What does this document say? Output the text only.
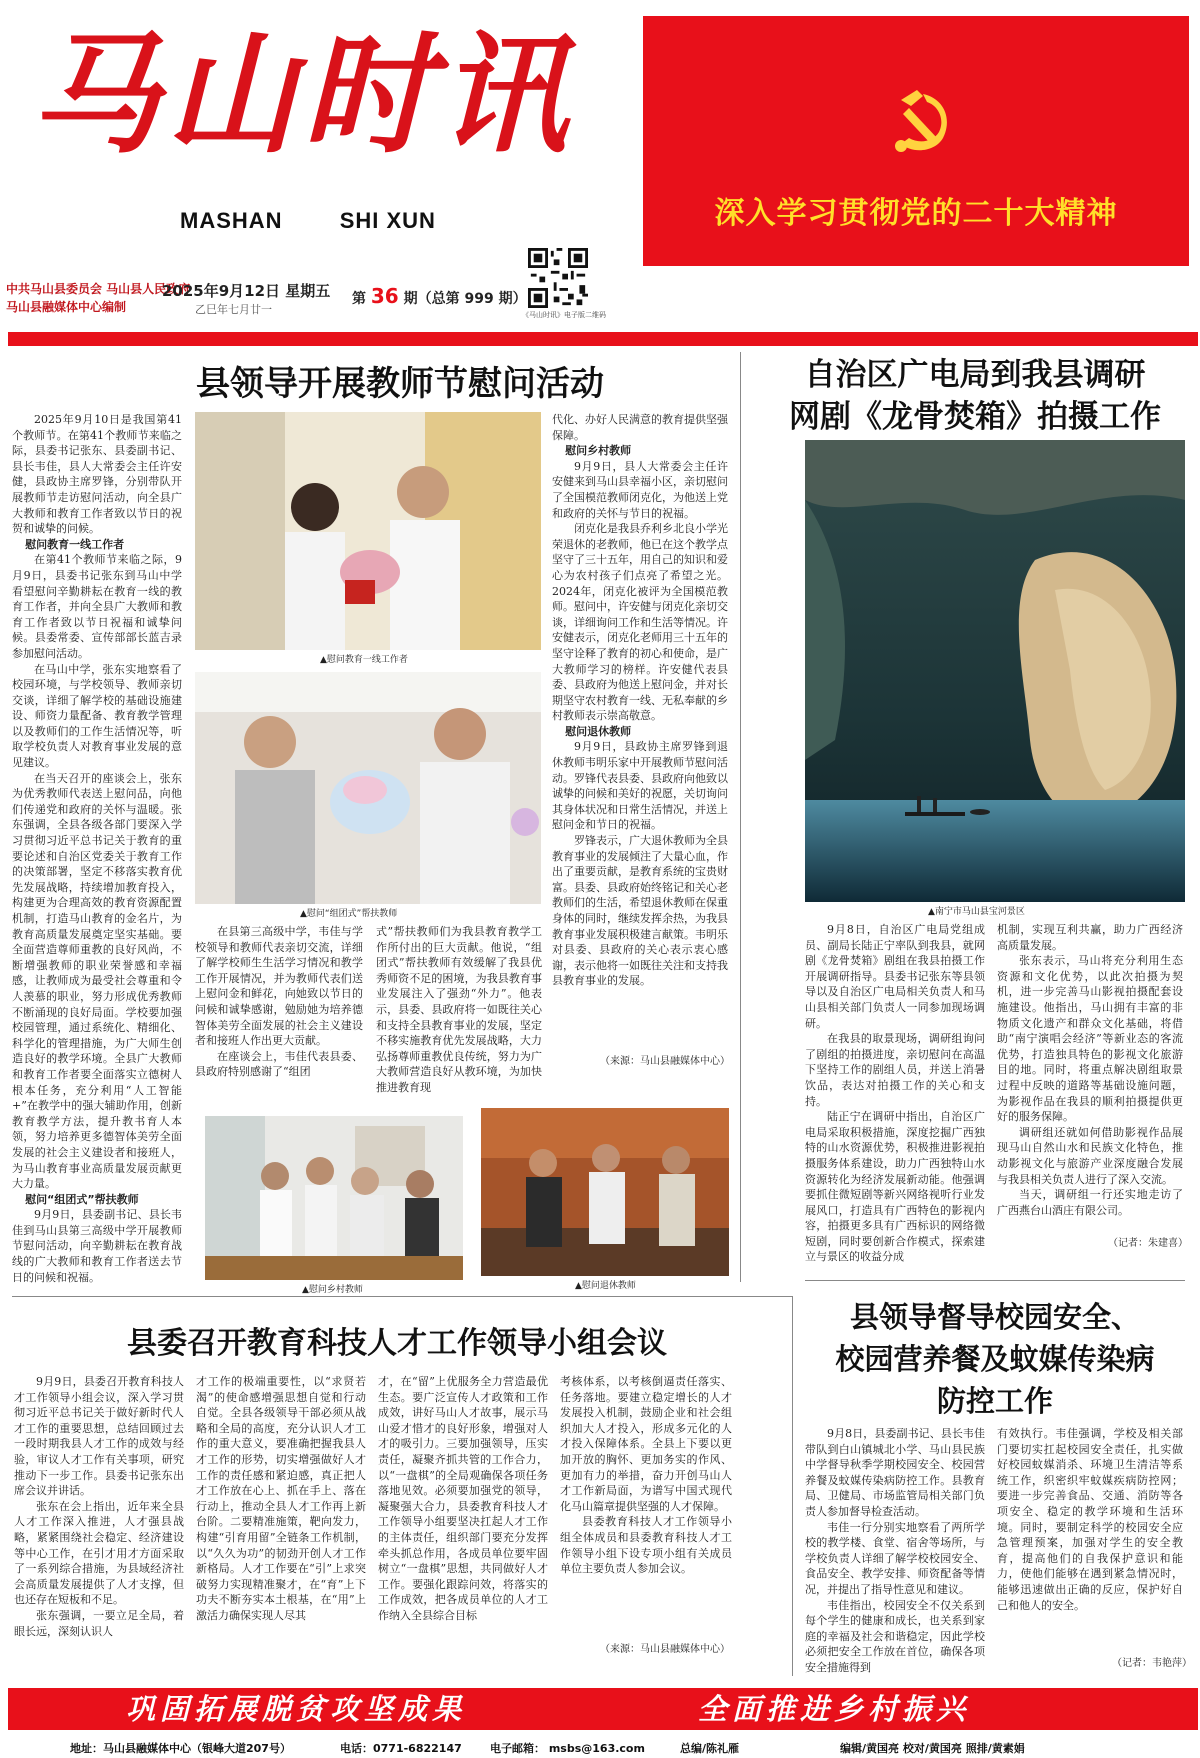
马山时讯
MASHAN	SHI XUN	深入学习贯彻党的二十大精神
中共马山县委员会 马山县人民政府
马山县融媒体中心编制
2025年9月12日 星期五
乙巳年七月廿一
第 36 期（总第 999 期）
《马山时讯》电子版二维码
县领导开展教师节慰问活动

2025年9月10日是我国第41个教师节。在第41个教师节来临之际，县委书记张东、县委副书记、县长韦佳，县人大常委会主任许安健，县政协主席罗锋，分别带队开展教师节走访慰问活动，向全县广大教师和教育工作者致以节日的祝贺和诚挚的问候。

慰问教育一线工作者

在第41个教师节来临之际，9月9日，县委书记张东到马山中学看望慰问辛勤耕耘在教育一线的教育工作者，并向全县广大教师和教育工作者致以节日祝福和诚挚问候。县委常委、宣传部部长蓝吉录参加慰问活动。

在马山中学，张东实地察看了校园环境，与学校领导、教师亲切交谈，详细了解学校的基础设施建设、师资力量配备、教育教学管理以及教师们的工作生活情况等，听取学校负责人对教育事业发展的意见建议。

在当天召开的座谈会上，张东为优秀教师代表送上慰问品，向他们传递党和政府的关怀与温暖。张东强调，全县各级各部门要深入学习贯彻习近平总书记关于教育的重要论述和自治区党委关于教育工作的决策部署，坚定不移落实教育优先发展战略，持续增加教育投入，构建更为合理高效的教育资源配置机制，打造马山教育的金名片，为教育高质量发展奠定坚实基础。要全面营造尊师重教的良好风尚，不断增强教师的职业荣誉感和幸福感，让教师成为最受社会尊重和令人羡慕的职业，努力形成优秀教师不断涌现的良好局面。学校要加强校园管理，通过系统化、精细化、科学化的管理措施，为广大师生创造良好的教学环境。全县广大教师和教育工作者要全面落实立德树人根本任务，充分利用“人工智能+”在教学中的强大辅助作用，创新教育教学方法，提升教书育人本领，努力培养更多德智体美劳全面发展的社会主义建设者和接班人，为马山教育事业高质量发展贡献更大力量。

慰问“组团式”帮扶教师

9月9日，县委副书记、县长韦佳到马山县第三高级中学开展教师节慰问活动，向辛勤耕耘在教育战线的广大教师和教育工作者送去节日的问候和祝福。

▲慰问教育一线工作者
▲慰问“组团式”帮扶教师

在县第三高级中学，韦佳与学校领导和教师代表亲切交流，详细了解学校师生生活学习情况和教学工作开展情况，并为教师代表们送上慰问金和鲜花，向她致以节日的问候和诚挚感谢，勉励她为培养德智体美劳全面发展的社会主义建设者和接班人作出更大贡献。

在座谈会上，韦佳代表县委、县政府特别感谢了“组团

式”帮扶教师们为我县教育教学工作所付出的巨大贡献。他说，“组团式”帮扶教师有效缓解了我县优秀师资不足的困境，为我县教育事业发展注入了强劲“外力”。他表示，县委、县政府将一如既往关心和支持全县教育事业的发展，坚定不移实施教育优先发展战略，大力弘扬尊师重教优良传统，努力为广大教师营造良好从教环境，为加快推进教育现

代化、办好人民满意的教育提供坚强保障。

慰问乡村教师

9月9日，县人大常委会主任许安健来到马山县幸福小区，亲切慰问了全国模范教师闭克化，为他送上党和政府的关怀与节日的祝福。

闭克化是我县乔利乡北良小学光荣退休的老教师，他已在这个教学点坚守了三十五年，用自己的知识和爱心为农村孩子们点亮了希望之光。2024年，闭克化被评为全国模范教师。慰问中，许安健与闭克化亲切交谈，详细询问工作和生活等情况。许安健表示，闭克化老师用三十五年的坚守诠释了教育的初心和使命，是广大教师学习的榜样。许安健代表县委、县政府为他送上慰问金，并对长期坚守农村教育一线、无私奉献的乡村教师表示崇高敬意。

慰问退休教师

9月9日，县政协主席罗锋到退休教师韦明乐家中开展教师节慰问活动。罗锋代表县委、县政府向他致以诚挚的问候和美好的祝愿，关切询问其身体状况和日常生活情况，并送上慰问金和节日的祝福。

罗锋表示，广大退休教师为全县教育事业的发展倾注了大量心血，作出了重要贡献，是教育系统的宝贵财富。县委、县政府始终铭记和关心老教师们的生活，希望退休教师在保重身体的同时，继续发挥余热，为我县教育事业发展积极建言献策。韦明乐对县委、县政府的关心表示衷心感谢，表示他将一如既往关注和支持我县教育事业的发展。

（来源：马山县融媒体中心）
▲慰问乡村教师	▲慰问退休教师
自治区广电局到我县调研
网剧《龙骨焚箱》拍摄工作
▲南宁市马山县宝河景区

9月8日，自治区广电局党组成员、副局长陆正宁率队到我县，就网剧《龙骨焚箱》剧组在我县拍摄工作开展调研指导。县委书记张东等县领导以及自治区广电局相关负责人和马山县相关部门负责人一同参加现场调研。

在我县的取景现场，调研组询问了剧组的拍摄进度，亲切慰问在高温下坚持工作的剧组人员，并送上消暑饮品，表达对拍摄工作的关心和支持。

陆正宁在调研中指出，自治区广电局采取积极措施，深度挖掘广西独特的山水资源优势，积极推进影视拍摄服务体系建设，助力广西独特山水资源转化为经济发展新动能。他强调要抓住微短剧等新兴网络视听行业发展风口，打造具有广西特色的影视内容，拍摄更多具有广西标识的网络微短剧，同时要创新合作模式，探索建立与景区的收益分成

机制，实现互利共赢，助力广西经济高质量发展。

张东表示，马山将充分利用生态资源和文化优势，以此次拍摄为契机，进一步完善马山影视拍摄配套设施建设。他指出，马山拥有丰富的非物质文化遗产和群众文化基础，将借助“南宁演唱会经济”等新业态的客流优势，打造独具特色的影视文化旅游目的地。同时，将重点解决剧组取景过程中反映的道路等基础设施问题，为影视作品在我县的顺利拍摄提供更好的服务保障。

调研组还就如何借助影视作品展现马山自然山水和民族文化特色，推动影视文化与旅游产业深度融合发展与我县相关负责人进行了深入交流。

当天，调研组一行还实地走访了广西燕台山酒庄有限公司。

（记者：朱建喜）
县委召开教育科技人才工作领导小组会议

9月9日，县委召开教育科技人才工作领导小组会议，深入学习贯彻习近平总书记关于做好新时代人才工作的重要思想，总结回顾过去一段时期我县人才工作的成效与经验，审议人才工作有关事项，研究推动下一步工作。县委书记张东出席会议并讲话。

张东在会上指出，近年来全县人才工作深入推进，人才强县战略，紧紧围绕社会稳定、经济建设等中心工作，在引才用才方面采取了一系列综合措施，为县域经济社会高质量发展提供了人才支撑，但也还存在短板和不足。

张东强调，一要立足全局，着眼长远，深刻认识人

才工作的极端重要性，以“求贤若渴”的使命感增强思想自觉和行动自觉。全县各级领导干部必须从战略和全局的高度，充分认识人才工作的重大意义，要准确把握我县人才工作的形势，切实增强做好人才工作的责任感和紧迫感，真正把人才工作放在心上、抓在手上、落在行动上，推动全县人才工作再上新台阶。二要精准施策，靶向发力，构建“引育用留”全链条工作机制，以“久久为功”的韧劲开创人才工作新格局。人才工作要在“引”上求突破努力实现精准聚才，在“育”上下功夫不断夯实本土根基，在“用”上激活力确保实现人尽其

才，在“留”上优服务全力营造最优生态。要广泛宣传人才政策和工作成效，讲好马山人才故事，展示马山爱才惜才的良好形象，增强对人才的吸引力。三要加强领导，压实责任，凝聚齐抓共管的工作合力，以“一盘棋”的全局观确保各项任务落地见效。必须要加强党的领导，凝聚强大合力，县委教育科技人才工作领导小组要坚决扛起人才工作的主体责任，组织部门要充分发挥牵头抓总作用，各成员单位要牢固树立“一盘棋”思想，共同做好人才工作。要强化跟踪问效，将落实的工作成效，把各成员单位的人才工作纳入全县综合目标

考核体系，以考核倒逼责任落实、任务落地。要建立稳定增长的人才发展投入机制，鼓励企业和社会组织加大人才投入，形成多元化的人才投入保障体系。全县上下要以更加开放的胸怀、更加务实的作风、更加有力的举措，奋力开创马山人才工作新局面，为谱写中国式现代化马山篇章提供坚强的人才保障。

县委教育科技人才工作领导小组全体成员和县委教育科技人才工作领导小组下设专项小组有关成员单位主要负责人参加会议。

（来源：马山县融媒体中心）
县领导督导校园安全、
校园营养餐及蚊媒传染病
防控工作

9月8日，县委副书记、县长韦佳带队到白山镇城北小学、马山县民族中学督导秋季学期校园安全、校园营养餐及蚊媒传染病防控工作。县教育局、卫健局、市场监管局相关部门负责人参加督导检查活动。

韦佳一行分别实地察看了两所学校的教学楼、食堂、宿舍等场所，与学校负责人详细了解学校校园安全、食品安全、教学安排、师资配备等情况，并提出了指导性意见和建议。

韦佳指出，校园安全不仅关系到每个学生的健康和成长，也关系到家庭的幸福及社会和谐稳定，因此学校必须把安全工作放在首位，确保各项安全措施得到

有效执行。韦佳强调，学校及相关部门要切实扛起校园安全责任，扎实做好校园蚊媒消杀、环境卫生清洁等系统工作，织密织牢蚊媒疾病防控网；要进一步完善食品、交通、消防等各项安全、稳定的教学环境和生活环境。同时，要制定科学的校园安全应急管理预案，加强对学生的安全教育，提高他们的自我保护意识和能力，使他们能够在遇到紧急情况时，能够迅速做出正确的反应，保护好自己和他人的安全。

（记者：韦艳萍）
巩固拓展脱贫攻坚成果	全面推进乡村振兴
地址：马山县融媒体中心（银峰大道207号）	电话：0771-6822147	电子邮箱： msbs@163.com	总编/陈礼雁	编辑/黄国亮 校对/黄国亮 照排/黄素娟
